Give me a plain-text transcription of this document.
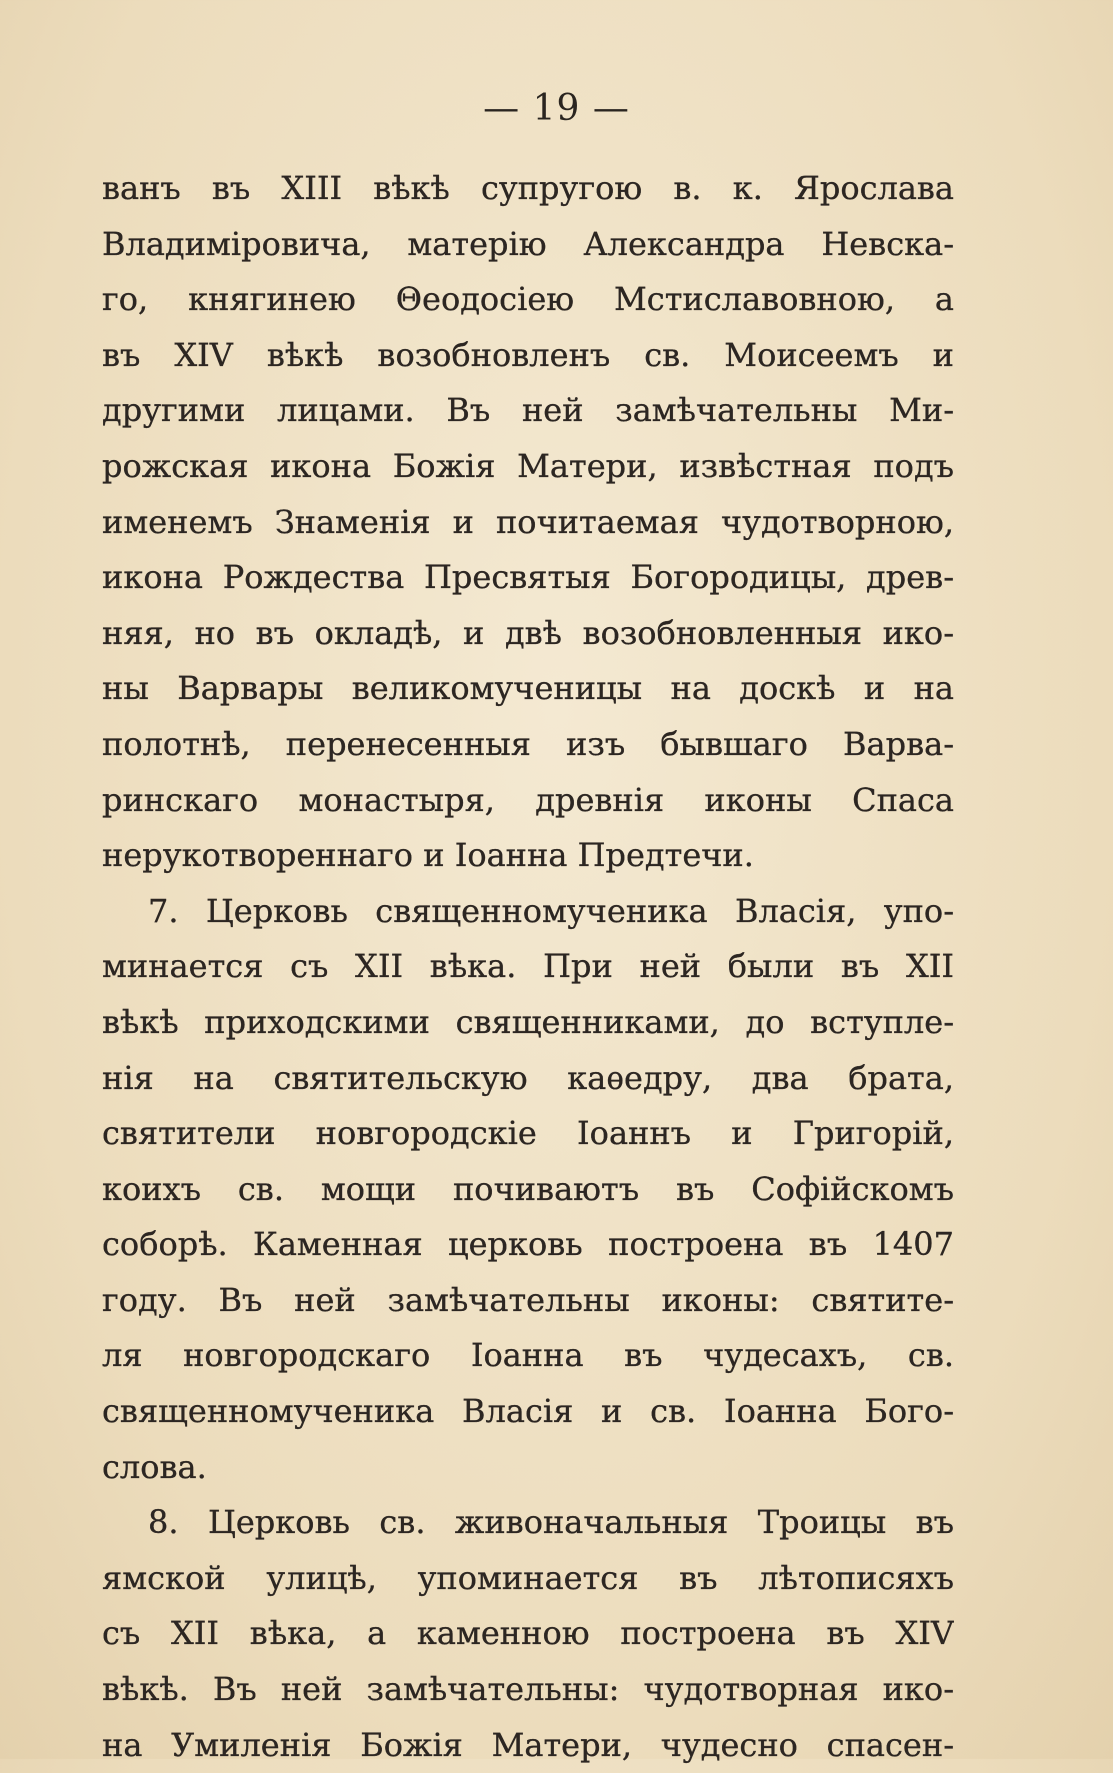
— 19 —
ванъ въ XIII вѣкѣ супругою в. к. Ярослава
Владиміровича, матерію Александра Невска-
го, княгинею Θеодосіею Мстиславовною, а
въ XIV вѣкѣ возобновленъ св. Моисеемъ и
другими лицами. Въ ней замѣчательны Ми-
рожская икона Божія Матери, извѣстная подъ
именемъ Знаменія и почитаемая чудотворною,
икона Рождества Пресвятыя Богородицы, древ-
няя, но въ окладѣ, и двѣ возобновленныя ико-
ны Варвары великомученицы на доскѣ и на
полотнѣ, перенесенныя изъ бывшаго Варва-
ринскаго монастыря, древнія иконы Спаса
нерукотвореннаго и Іоанна Предтечи.
7. Церковь священномученика Власія, упо-
минается съ XII вѣка. При ней были въ XII
вѣкѣ приходскими священниками, до вступле-
нія на святительскую каѳедру, два брата,
святители новгородскіе Іоаннъ и Григорій,
коихъ св. мощи почиваютъ въ Софійскомъ
соборѣ. Каменная церковь построена въ 1407
году. Въ ней замѣчательны иконы: святите-
ля новгородскаго Іоанна въ чудесахъ, св.
священномученика Власія и св. Іоанна Бого-
слова.
8. Церковь св. живоначальныя Троицы въ
ямской улицѣ, упоминается въ лѣтописяхъ
съ XII вѣка, а каменною построена въ XIV
вѣкѣ. Въ ней замѣчательны: чудотворная ико-
на Умиленія Божія Матери, чудесно спасен-
